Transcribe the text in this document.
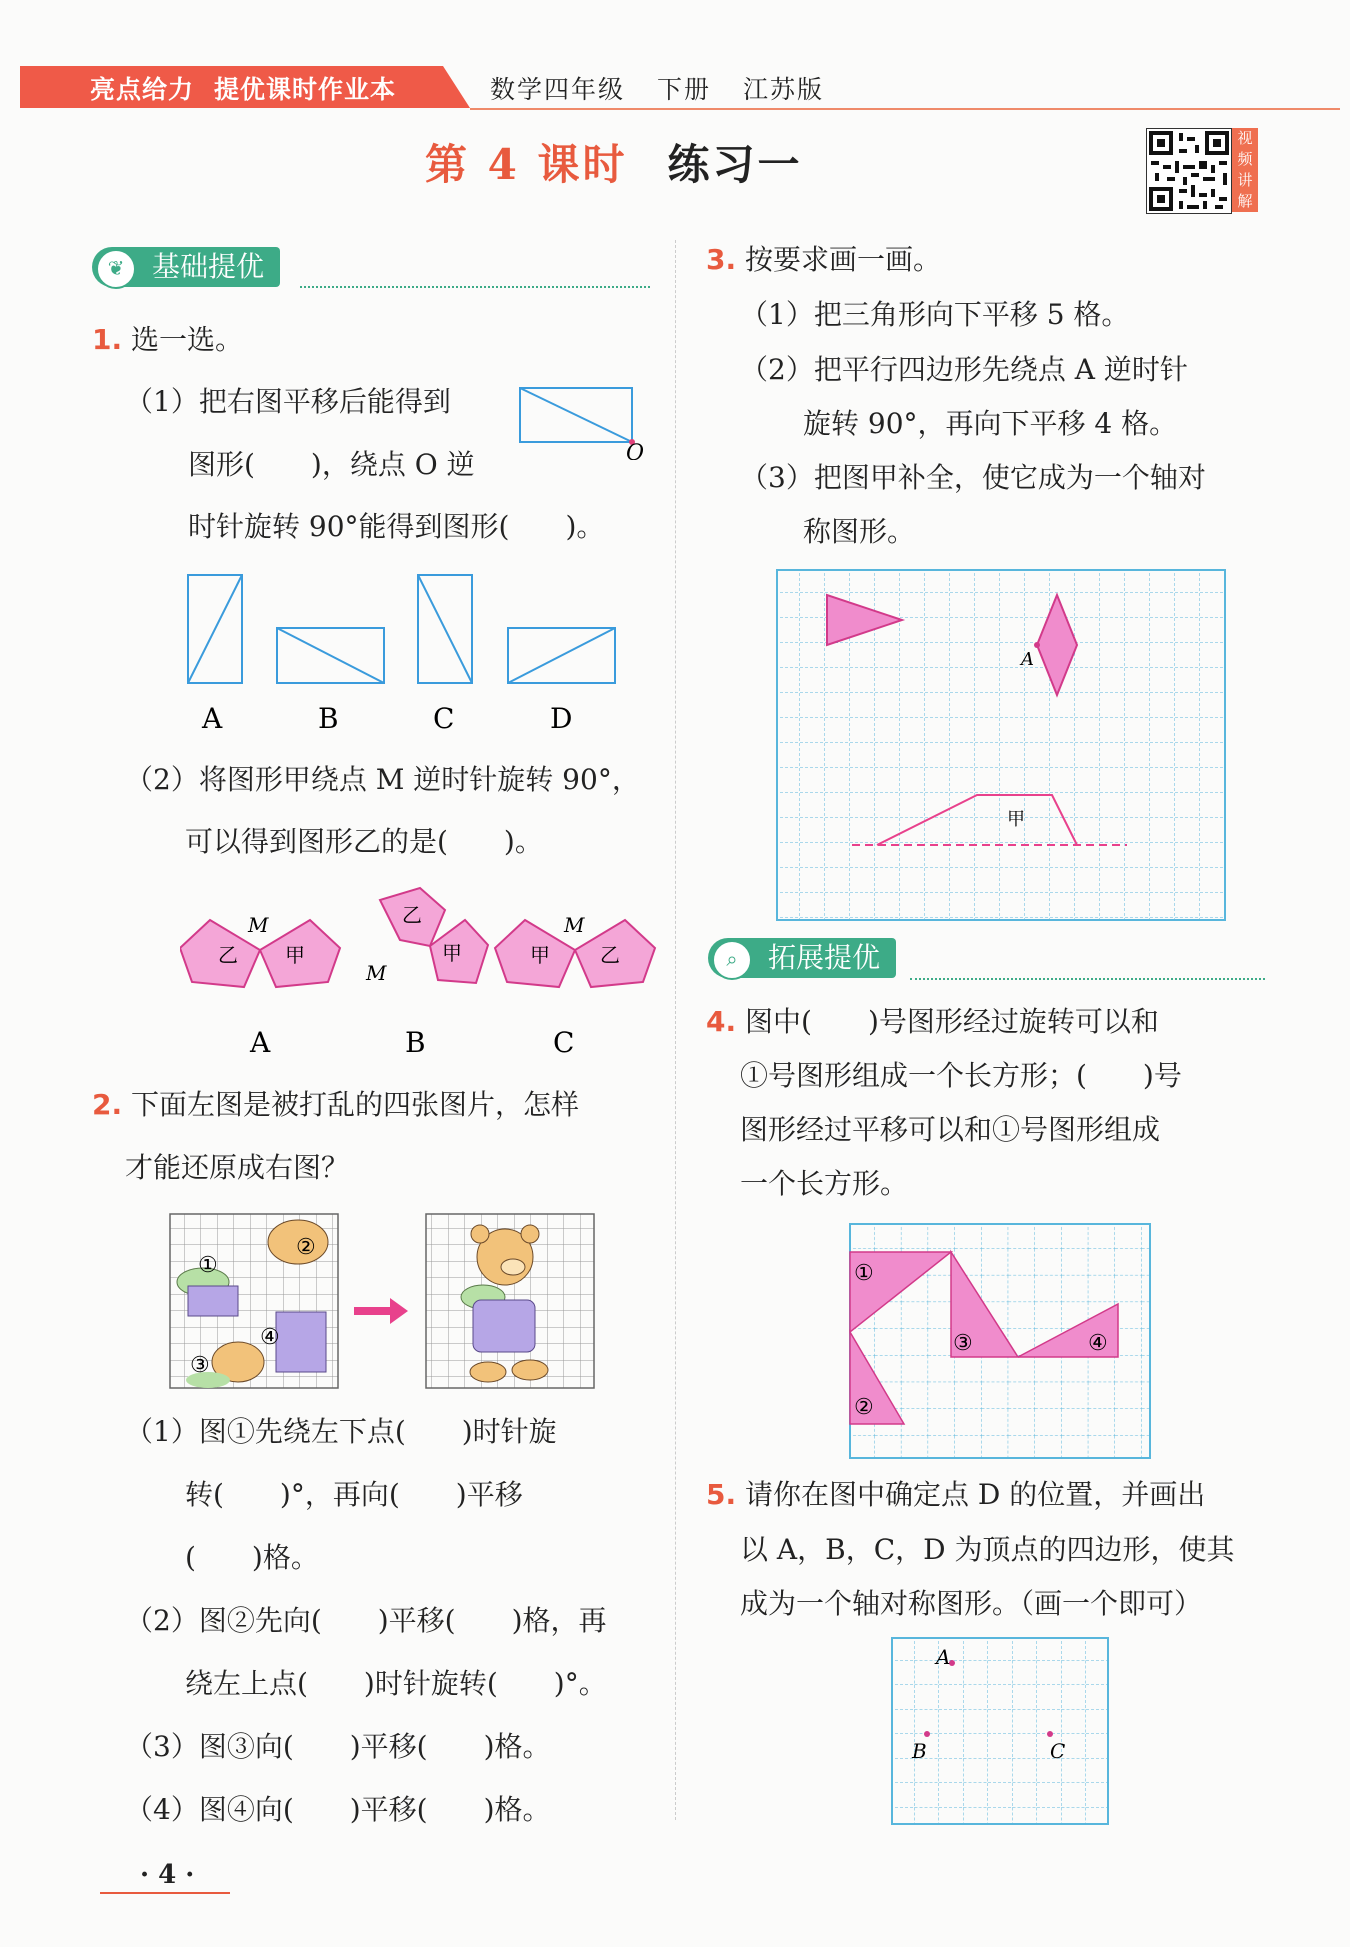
亮点给力 提优课时作业本	数学四年级 下册 江苏版
第 4 课时 练习一
视频讲解
❦ 基础提优
1. 选一选。
（1）把右图平移后能得到
图形(　　)，绕点 O 逆
时针旋转 90°能得到图形(　　)。
O
A	B	C	D
（2）将图形甲绕点 M 逆时针旋转 90°，
可以得到图形乙的是(　　)。
乙 甲
M	乙
甲
M
甲	乙
M
A	B	C
2. 下面左图是被打乱的四张图片，怎样
才能还原成右图？
①
②
③
④
（1）图①先绕左下点(　　)时针旋
转(　　)°，再向(　　)平移
(　　)格。
（2）图②先向(　　)平移(　　)格，再
绕左上点(　　)时针旋转(　　)°。
（3）图③向(　　)平移(　　)格。
（4）图④向(　　)平移(　　)格。
3. 按要求画一画。
（1）把三角形向下平移 5 格。
（2）把平行四边形先绕点 A 逆时针
旋转 90°，再向下平移 4 格。
（3）把图甲补全，使它成为一个轴对
称图形。
A
甲
⌕	拓展提优
4. 图中(　　)号图形经过旋转可以和
①号图形组成一个长方形；(　　)号
图形经过平移可以和①号图形组成
一个长方形。
①
②
③	④
5. 请你在图中确定点 D 的位置，并画出
以 A，B，C，D 为顶点的四边形，使其
成为一个轴对称图形。（画一个即可）
A
B	C
· 4 ·
